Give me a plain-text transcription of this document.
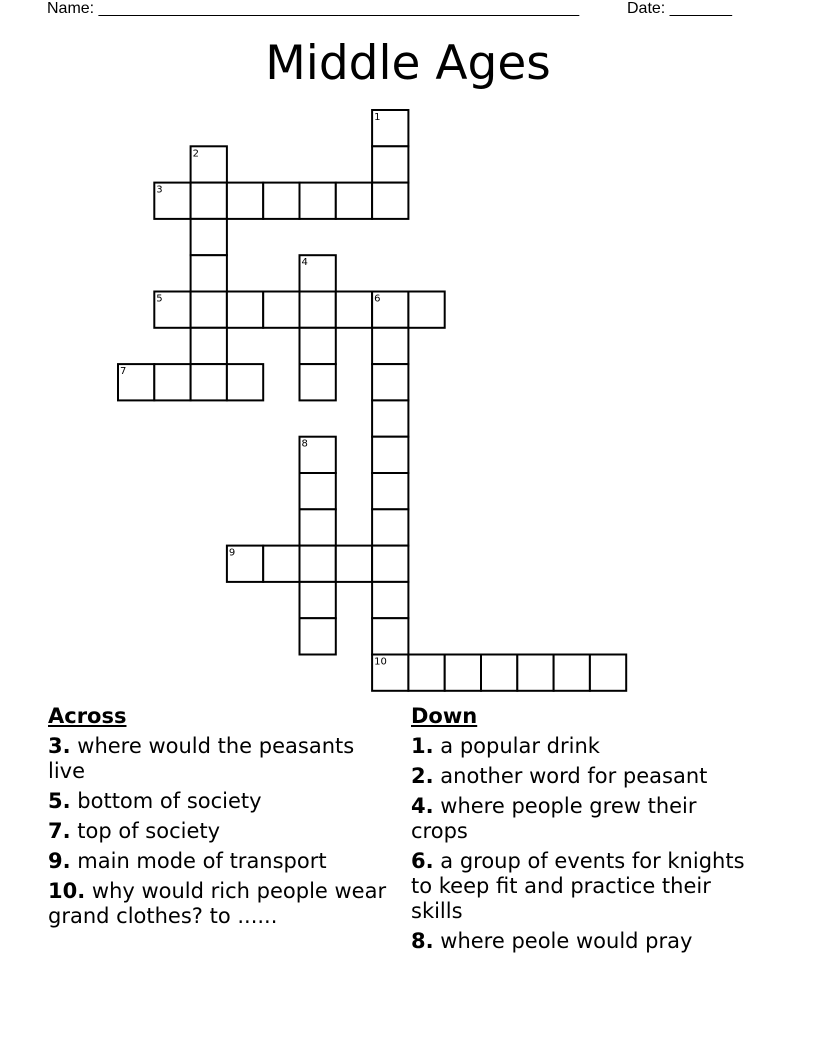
Name: ______________________________________________________	Date: _______
Middle Ages
1
2
3
4
5	6
7
8
9
10
Across
3. where would the peasants live
5. bottom of society
7. top of society
9. main mode of transport
10. why would rich people wear grand clothes? to ......
Down
1. a popular drink
2. another word for peasant
4. where people grew their crops
6. a group of events for knights to keep fit and practice their skills
8. where peole would pray
